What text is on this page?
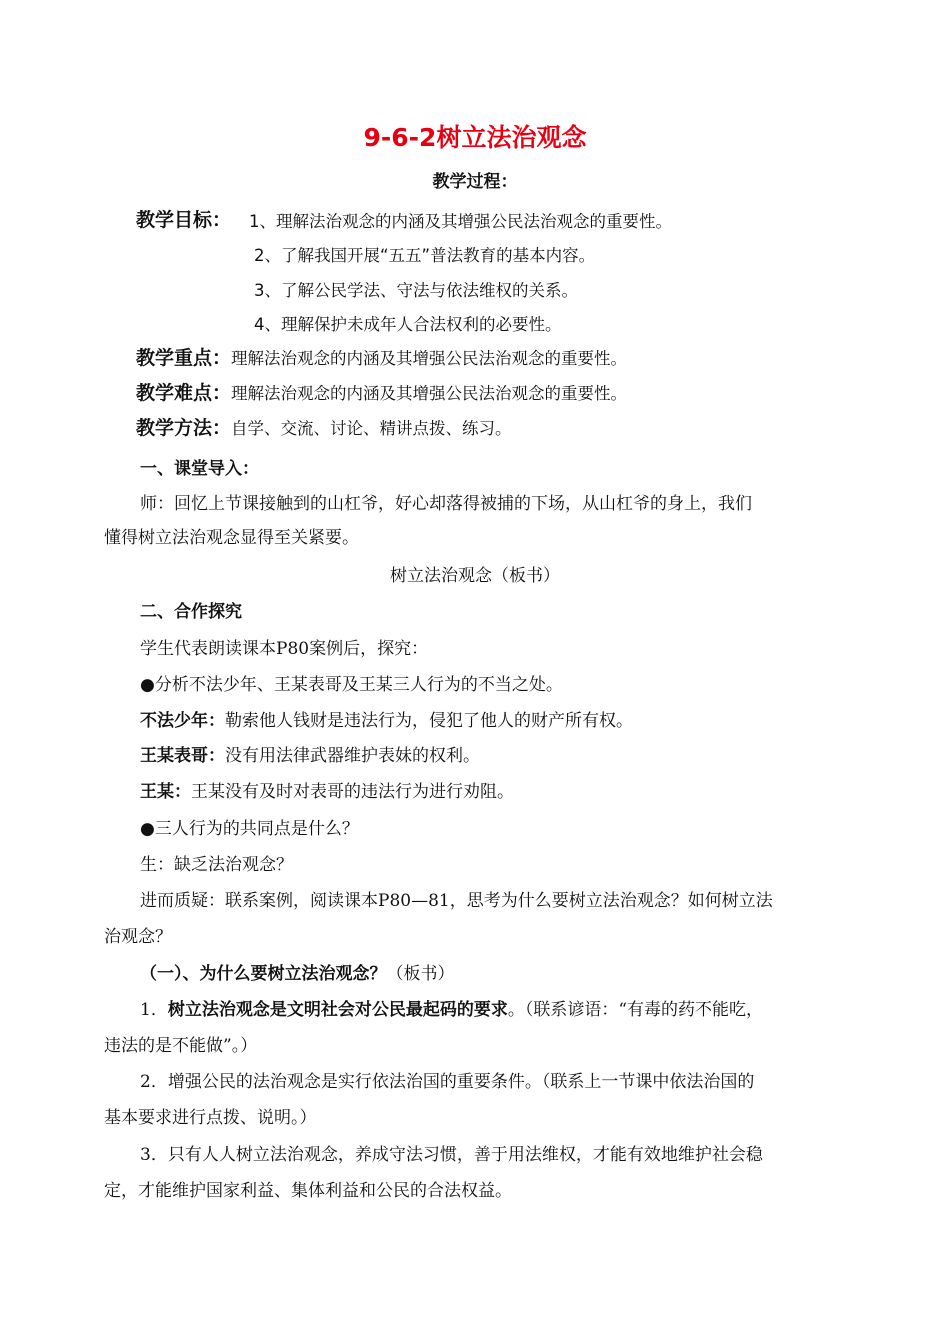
9-6-2树立法治观念
教学过程：
教学目标： 1、理解法治观念的内涵及其增强公民法治观念的重要性。
2、了解我国开展“五五”普法教育的基本内容。
3、了解公民学法、守法与依法维权的关系。
4、理解保护未成年人合法权利的必要性。
教学重点：理解法治观念的内涵及其增强公民法治观念的重要性。
教学难点：理解法治观念的内涵及其增强公民法治观念的重要性。
教学方法：自学、交流、讨论、精讲点拨、练习。
一、课堂导入：
师：回忆上节课接触到的山杠爷，好心却落得被捕的下场，从山杠爷的身上，我们
懂得树立法治观念显得至关紧要。
树立法治观念（板书）
二、合作探究
学生代表朗读课本P80案例后，探究：
●分析不法少年、王某表哥及王某三人行为的不当之处。
不法少年：勒索他人钱财是违法行为，侵犯了他人的财产所有权。
王某表哥：没有用法律武器维护表妹的权利。
王某：王某没有及时对表哥的违法行为进行劝阻。
●三人行为的共同点是什么？
生：缺乏法治观念？
进而质疑：联系案例，阅读课本P80—81，思考为什么要树立法治观念？如何树立法
治观念？
（一）、为什么要树立法治观念？（板书）
1．树立法治观念是文明社会对公民最起码的要求。（联系谚语：“有毒的药不能吃，
违法的是不能做”。）
2．增强公民的法治观念是实行依法治国的重要条件。（联系上一节课中依法治国的
基本要求进行点拨、说明。）
3．只有人人树立法治观念，养成守法习惯，善于用法维权，才能有效地维护社会稳
定，才能维护国家利益、集体利益和公民的合法权益。
